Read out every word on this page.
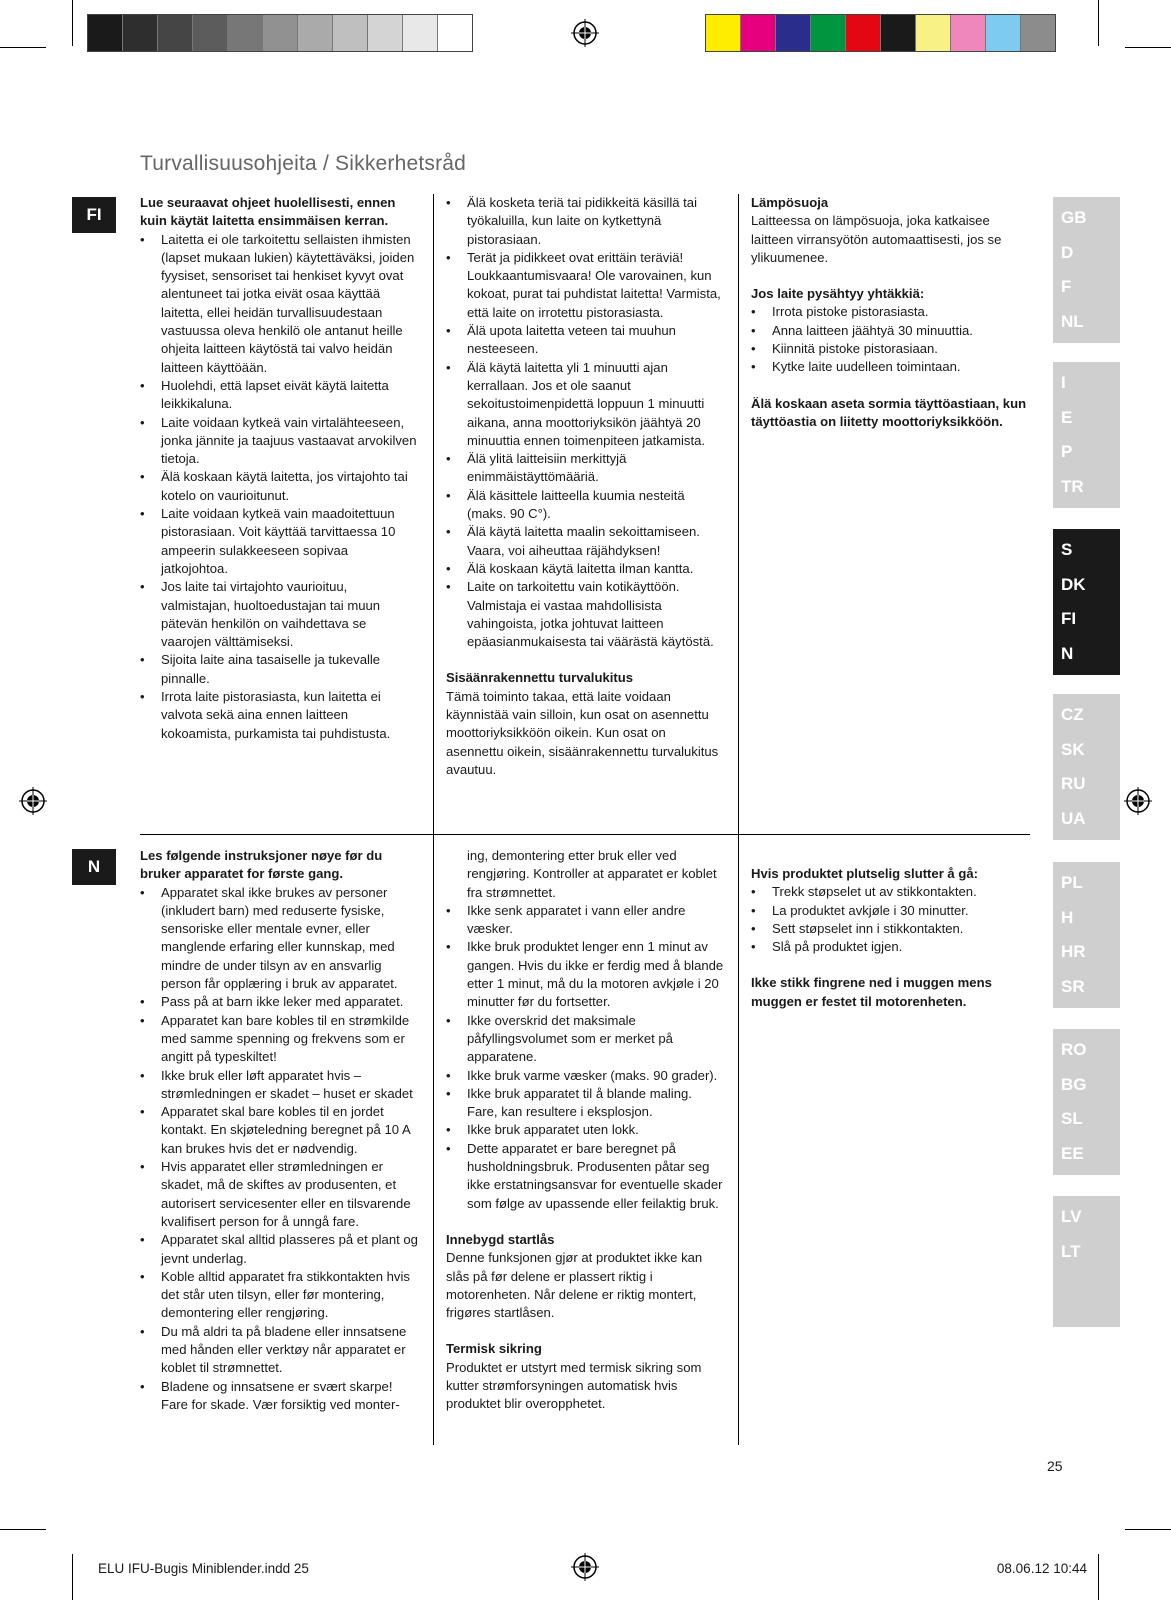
Turvallisuusohjeita / Sikkerhetsråd
FI

Lue seuraavat ohjeet huolellisesti, ennen kuin käytät laitetta ensimmäisen kerran.

• Laitetta ei ole tarkoitettu sellaisten ihmisten (lapset mukaan lukien) käytettäväksi, joiden fyysiset, sensoriset tai henkiset kyvyt ovat alentuneet tai jotka eivät osaa käyttää laitetta, ellei heidän turvallisuudestaan vastuussa oleva henkilö ole antanut heille ohjeita laitteen käytöstä tai valvo heidän laitteen käyttöään.
• Huolehdi, että lapset eivät käytä laitetta leikkikaluna.
• Laite voidaan kytkeä vain virtalähteeseen, jonka jännite ja taajuus vastaavat arvokilven tietoja.
• Älä koskaan käytä laitetta, jos virtajohto tai kotelo on vaurioitunut.
• Laite voidaan kytkeä vain maadoitettuun pistorasiaan. Voit käyttää tarvittaessa 10 ampeerin sulakkeeseen sopivaa jatkojohtoa.
• Jos laite tai virtajohto vaurioituu, valmistajan, huoltoedustajan tai muun pätevän henkilön on vaihdettava se vaarojen välttämiseksi.
• Sijoita laite aina tasaiselle ja tukevalle pinnalle.
• Irrota laite pistorasiasta, kun laitetta ei valvota sekä aina ennen laitteen kokoamista, purkamista tai puhdistusta.
• Älä kosketa teriä tai pidikkeitä käsillä tai työkaluilla, kun laite on kytkettynä pistorasiaan.
• Terät ja pidikkeet ovat erittäin teräviä! Loukkaantumisvaara! Ole varovainen, kun kokoat, purat tai puhdistat laitetta! Varmista, että laite on irrotettu pistorasiasta.
• Älä upota laitetta veteen tai muuhun nesteeseen.
• Älä käytä laitetta yli 1 minuutti ajan kerrallaan. Jos et ole saanut sekoitustoimenpidettä loppuun 1 minuutti aikana, anna moottoriyksikön jäähtyä 20 minuuttia ennen toimenpiteen jatkamista.
• Älä ylitä laitteisiin merkittyjä enimmäistäyttömääriä.
• Älä käsittele laitteella kuumia nesteitä (maks. 90 C°).
• Älä käytä laitetta maalin sekoittamiseen. Vaara, voi aiheuttaa räjähdyksen!
• Älä koskaan käytä laitetta ilman kantta.
• Laite on tarkoitettu vain kotikäyttöön. Valmistaja ei vastaa mahdollisista vahingoista, jotka johtuvat laitteen epäasianmukaisesta tai väärästä käytöstä.

Sisäänrakennettu turvalukitus

Tämä toiminto takaa, että laite voidaan käynnistää vain silloin, kun osat on asennettu moottoriyksikköön oikein. Kun osat on asennettu oikein, sisäänrakennettu turvalukitus avautuu.

Lämpösuoja

Laitteessa on lämpösuoja, joka katkaisee laitteen virransyötön automaattisesti, jos se ylikuumenee.

Jos laite pysähtyy yhtäkkiä:

• Irrota pistoke pistorasiasta.
• Anna laitteen jäähtyä 30 minuuttia.
• Kiinnitä pistoke pistorasiaan.
• Kytke laite uudelleen toimintaan.

Älä koskaan aseta sormia täyttöastiaan, kun täyttöastia on liitetty moottoriyksikköön.

N

Les følgende instruksjoner nøye før du bruker apparatet for første gang.

• Apparatet skal ikke brukes av personer (inkludert barn) med reduserte fysiske, sensoriske eller mentale evner, eller manglende erfaring eller kunnskap, med mindre de under tilsyn av en ansvarlig person får opplæring i bruk av apparatet.
• Pass på at barn ikke leker med apparatet.
• Apparatet kan bare kobles til en strømkilde med samme spenning og frekvens som er angitt på typeskiltet!
• Ikke bruk eller løft apparatet hvis – strømledningen er skadet – huset er skadet
• Apparatet skal bare kobles til en jordet kontakt. En skjøteledning beregnet på 10 A kan brukes hvis det er nødvendig.
• Hvis apparatet eller strømledningen er skadet, må de skiftes av produsenten, et autorisert servicesenter eller en tilsvarende kvalifisert person for å unngå fare.
• Apparatet skal alltid plasseres på et plant og jevnt underlag.
• Koble alltid apparatet fra stikkontakten hvis det står uten tilsyn, eller før montering, demontering eller rengjøring.
• Du må aldri ta på bladene eller innsatsene med hånden eller verktøy når apparatet er koblet til strømnettet.
• Bladene og innsatsene er svært skarpe! Fare for skade. Vær forsiktig ved monter-

ing, demontering etter bruk eller ved rengjøring. Kontroller at apparatet er koblet fra strømnettet.

• Ikke senk apparatet i vann eller andre væsker.
• Ikke bruk produktet lenger enn 1 minut av gangen. Hvis du ikke er ferdig med å blande etter 1 minut, må du la motoren avkjøle i 20 minutter før du fortsetter.
• Ikke overskrid det maksimale påfyllingsvolumet som er merket på apparatene.
• Ikke bruk varme væsker (maks. 90 grader).
• Ikke bruk apparatet til å blande maling. Fare, kan resultere i eksplosjon.
• Ikke bruk apparatet uten lokk.
• Dette apparatet er bare beregnet på husholdningsbruk. Produsenten påtar seg ikke erstatningsansvar for eventuelle skader som følge av upassende eller feilaktig bruk.

Innebygd startlås

Denne funksjonen gjør at produktet ikke kan slås på før delene er plassert riktig i motorenheten. Når delene er riktig montert, frigøres startlåsen.

Termisk sikring

Produktet er utstyrt med termisk sikring som kutter strømforsyningen automatisk hvis produktet blir overopphetet.

Hvis produktet plutselig slutter å gå:

• Trekk støpselet ut av stikkontakten.
• La produktet avkjøle i 30 minutter.
• Sett støpselet inn i stikkontakten.
• Slå på produktet igjen.

Ikke stikk fingrene ned i muggen mens muggen er festet til motorenheten.

GB
D
F
NL
I
E
P
TR
S
DK
FI
N
CZ
SK
RU
UA
PL
H
HR
SR
RO
BG
SL
EE
LV
LT
25
ELU IFU-Bugis Miniblender.indd 25	08.06.12 10:44
